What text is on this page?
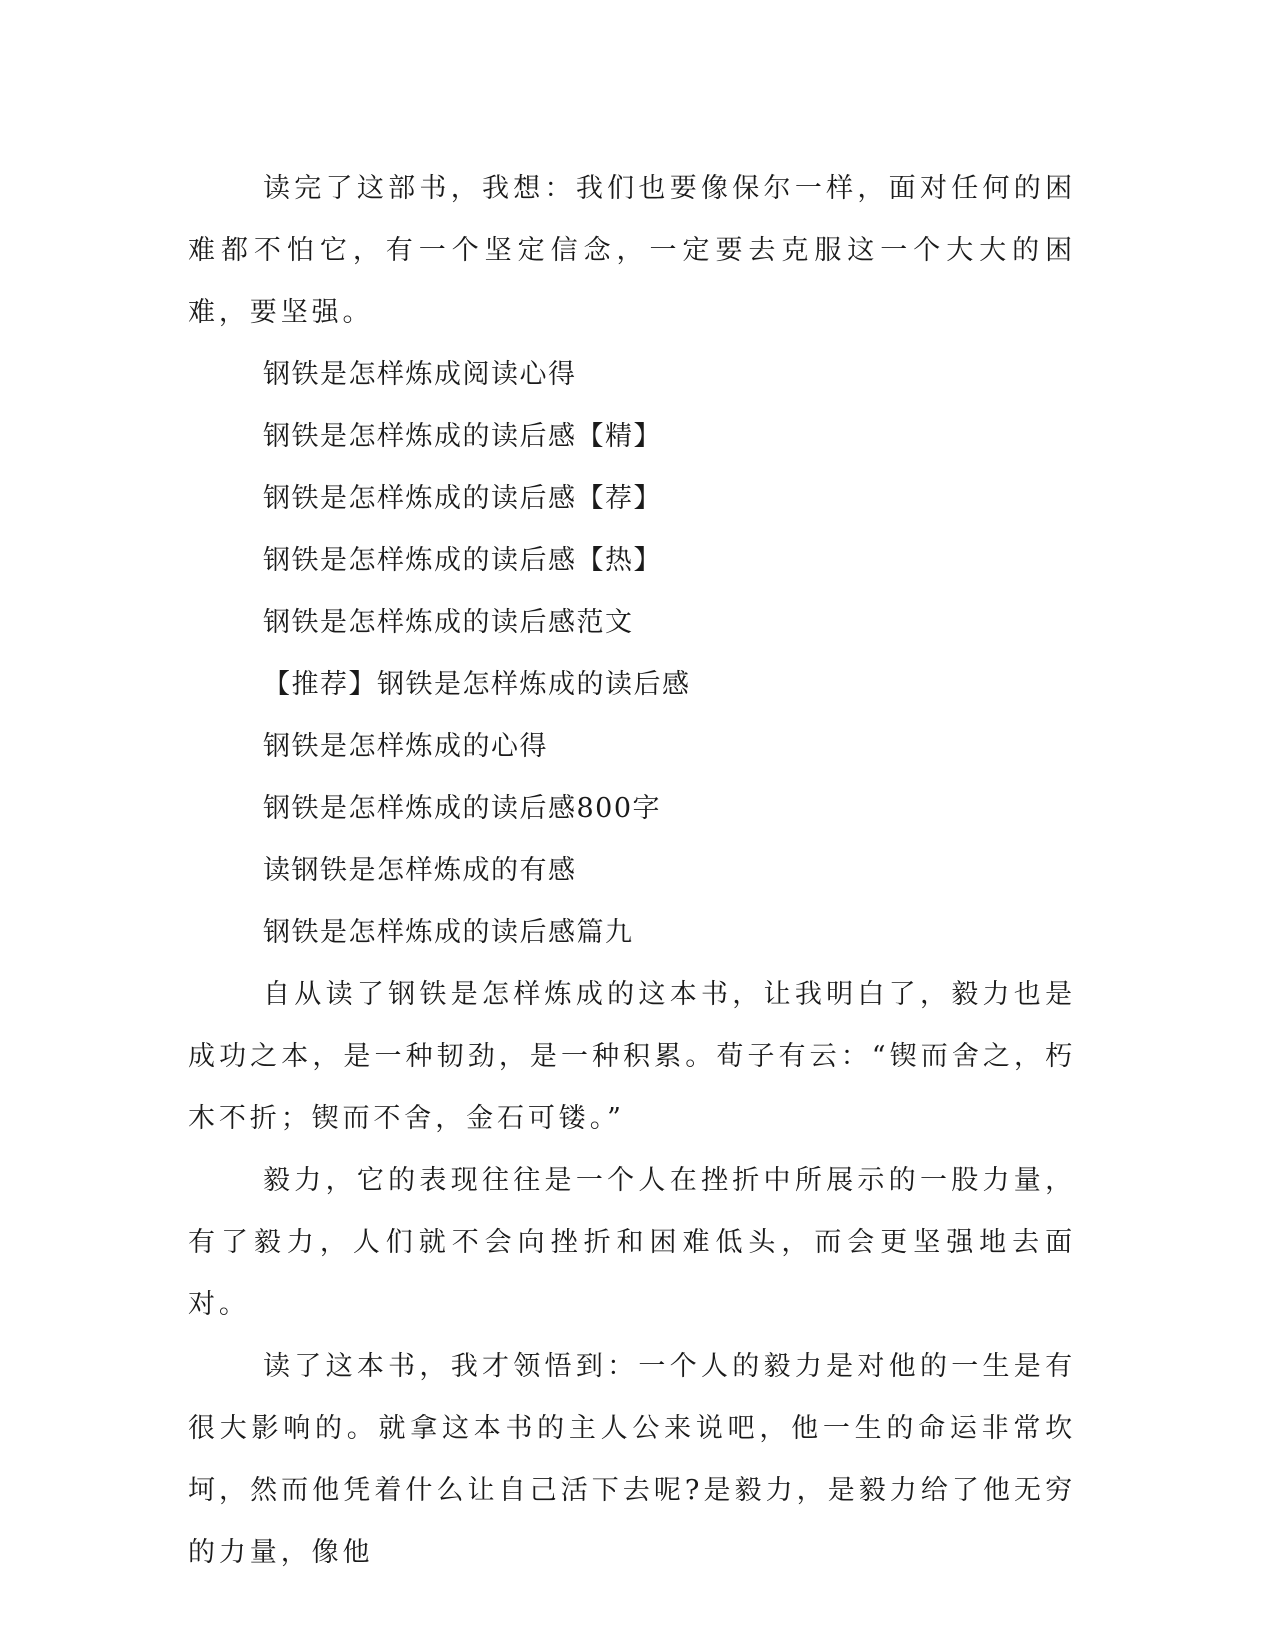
读完了这部书，我想：我们也要像保尔一样，面对任何的困难都不怕它，有一个坚定信念，一定要去克服这一个大大的困难，要坚强。

钢铁是怎样炼成阅读心得

钢铁是怎样炼成的读后感【精】

钢铁是怎样炼成的读后感【荐】

钢铁是怎样炼成的读后感【热】

钢铁是怎样炼成的读后感范文

【推荐】钢铁是怎样炼成的读后感

钢铁是怎样炼成的心得

钢铁是怎样炼成的读后感800字

读钢铁是怎样炼成的有感

钢铁是怎样炼成的读后感篇九

自从读了钢铁是怎样炼成的这本书，让我明白了，毅力也是成功之本，是一种韧劲，是一种积累。荀子有云：“锲而舍之，朽木不折；锲而不舍，金石可镂。”

毅力，它的表现往往是一个人在挫折中所展示的一股力量，有了毅力，人们就不会向挫折和困难低头，而会更坚强地去面对。

读了这本书，我才领悟到：一个人的毅力是对他的一生是有很大影响的。就拿这本书的主人公来说吧，他一生的命运非常坎坷，然而他凭着什么让自己活下去呢?是毅力，是毅力给了他无穷的力量，像他
